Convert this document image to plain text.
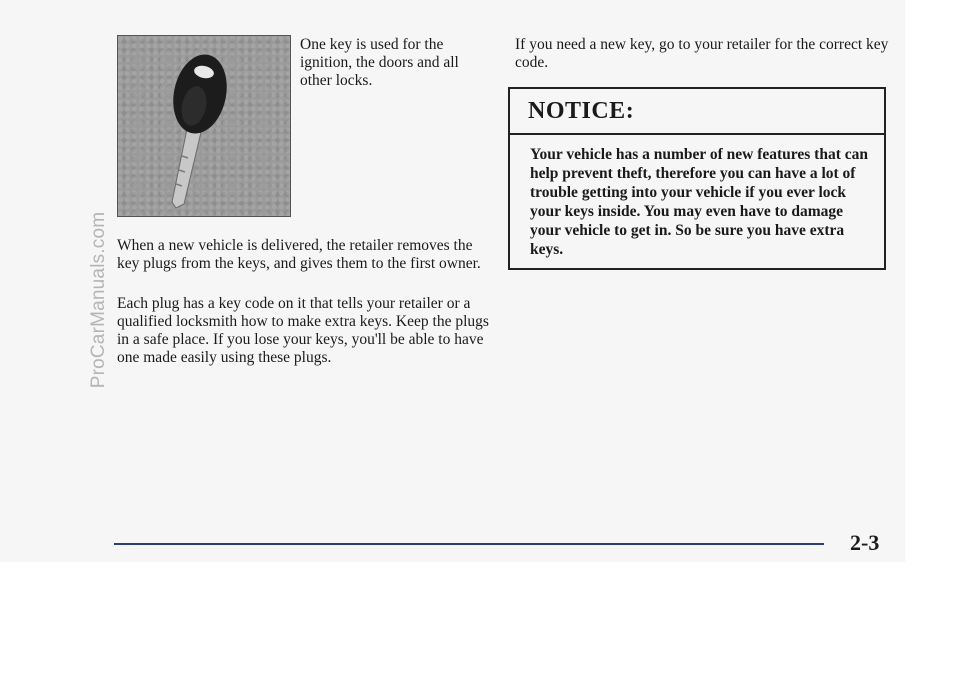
ProCarManuals.com

One key is used for the ignition, the doors and all other locks.

When a new vehicle is delivered, the retailer removes the key plugs from the keys, and gives them to the first owner.

Each plug has a key code on it that tells your retailer or a qualified locksmith how to make extra keys. Keep the plugs in a safe place. If you lose your keys, you'll be able to have one made easily using these plugs.

If you need a new key, go to your retailer for the correct key code.

NOTICE:

Your vehicle has a number of new features that can help prevent theft, therefore you can have a lot of trouble getting into your vehicle if you ever lock your keys inside. You may even have to damage your vehicle to get in. So be sure you have extra keys.

2-3
